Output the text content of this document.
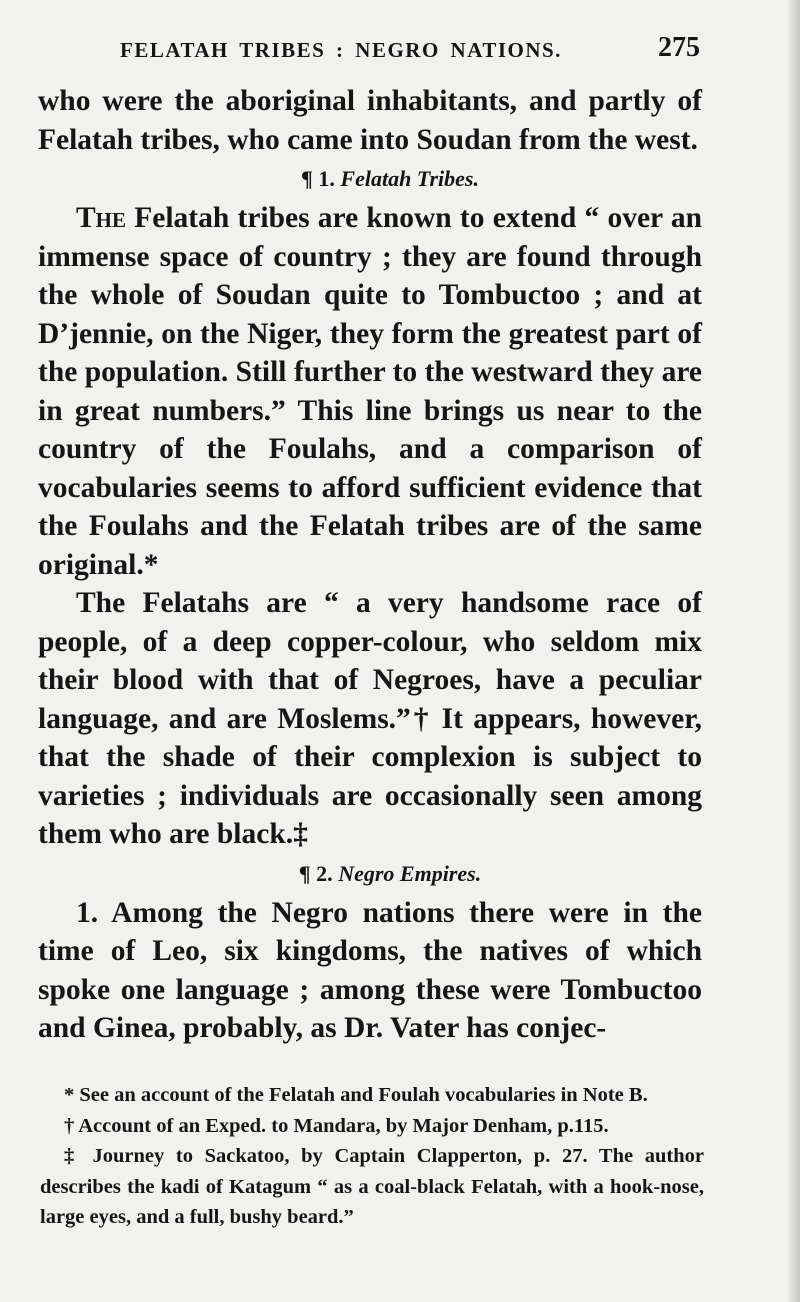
FELATAH TRIBES : NEGRO NATIONS.	275

who were the aboriginal inhabitants, and partly of Felatah tribes, who came into Soudan from the west.

¶ 1. Felatah Tribes.

The Felatah tribes are known to extend “ over an immense space of country ; they are found through the whole of Soudan quite to Tombuctoo ; and at D’jennie, on the Niger, they form the greatest part of the population. Still further to the westward they are in great numbers.” This line brings us near to the country of the Foulahs, and a comparison of vocabularies seems to afford sufficient evidence that the Foulahs and the Felatah tribes are of the same original.*

The Felatahs are “ a very handsome race of people, of a deep copper-colour, who seldom mix their blood with that of Negroes, have a peculiar language, and are Moslems.”† It appears, however, that the shade of their complexion is subject to varieties ; individuals are occasionally seen among them who are black.‡

¶ 2. Negro Empires.

1. Among the Negro nations there were in the time of Leo, six kingdoms, the natives of which spoke one language ; among these were Tombuctoo and Ginea, probably, as Dr. Vater has conjec-

* See an account of the Felatah and Foulah vocabularies in Note B.

† Account of an Exped. to Mandara, by Major Denham, p.115.

‡ Journey to Sackatoo, by Captain Clapperton, p. 27. The author describes the kadi of Katagum “ as a coal-black Felatah, with a hook-nose, large eyes, and a full, bushy beard.”
